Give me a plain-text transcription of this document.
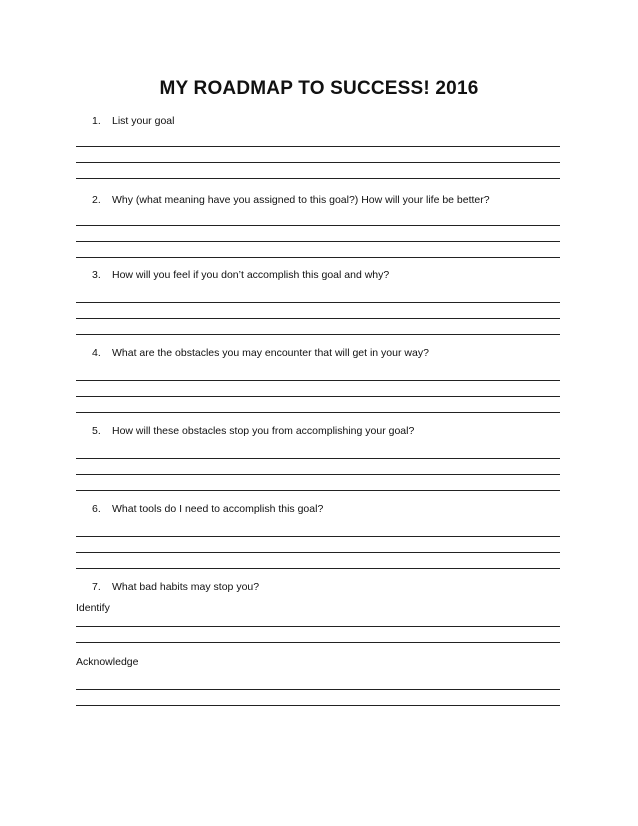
MY ROADMAP TO SUCCESS! 2016
1. List your goal
2. Why (what meaning have you assigned to this goal?) How will your life be better?
3. How will you feel if you don’t accomplish this goal and why?
4. What are the obstacles you may encounter that will get in your way?
5. How will these obstacles stop you from accomplishing your goal?
6. What tools do I need to accomplish this goal?
7. What bad habits may stop you?
Identify
Acknowledge
